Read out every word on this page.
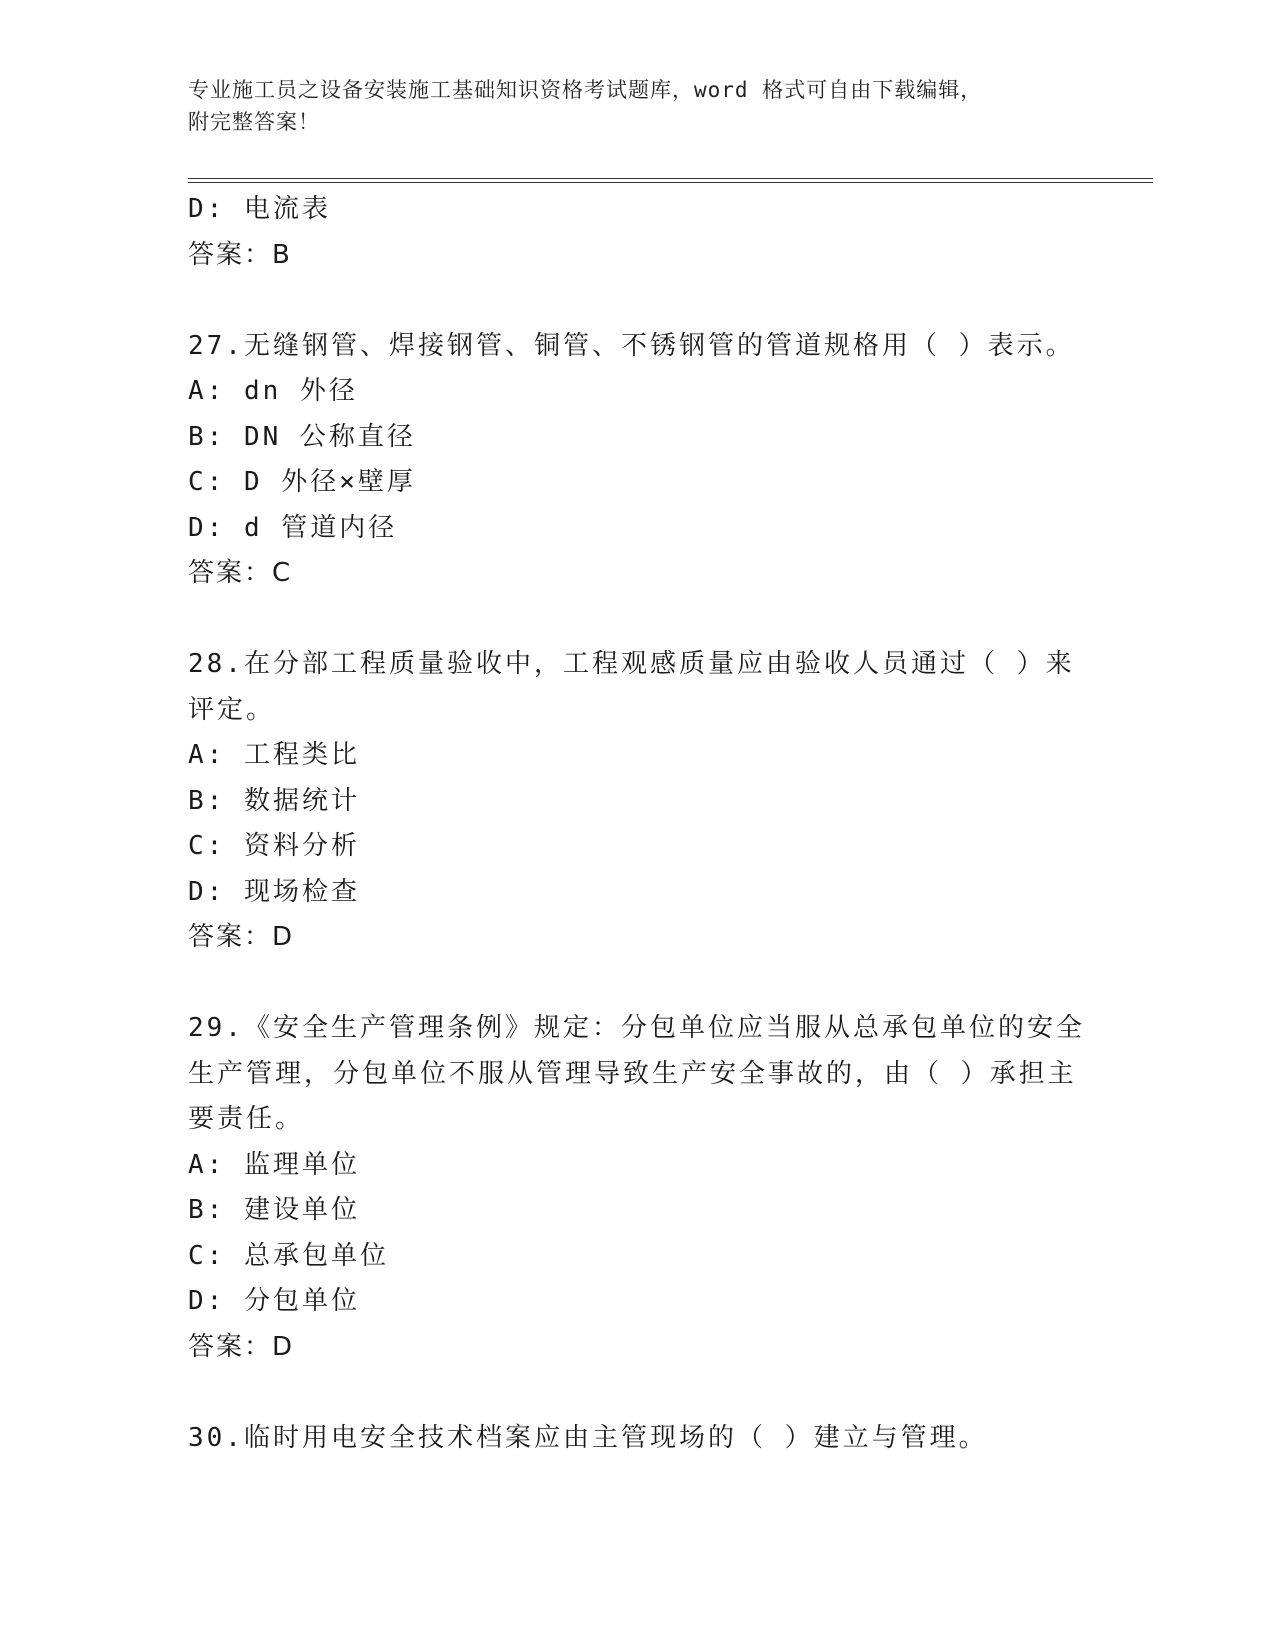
专业施工员之设备安装施工基础知识资格考试题库，word 格式可自由下载编辑，
附完整答案！
D: 电流表
答案：B
27.无缝钢管、焊接钢管、铜管、不锈钢管的管道规格用（ ）表示。
A: dn 外径
B: DN 公称直径
C: D 外径×壁厚
D: d 管道内径
答案：C
28.在分部工程质量验收中，工程观感质量应由验收人员通过（ ）来
评定。
A: 工程类比
B: 数据统计
C: 资料分析
D: 现场检查
答案：D
29.《安全生产管理条例》规定：分包单位应当服从总承包单位的安全
生产管理，分包单位不服从管理导致生产安全事故的，由（ ）承担主
要责任。
A: 监理单位
B: 建设单位
C: 总承包单位
D: 分包单位
答案：D
30.临时用电安全技术档案应由主管现场的（ ）建立与管理。
